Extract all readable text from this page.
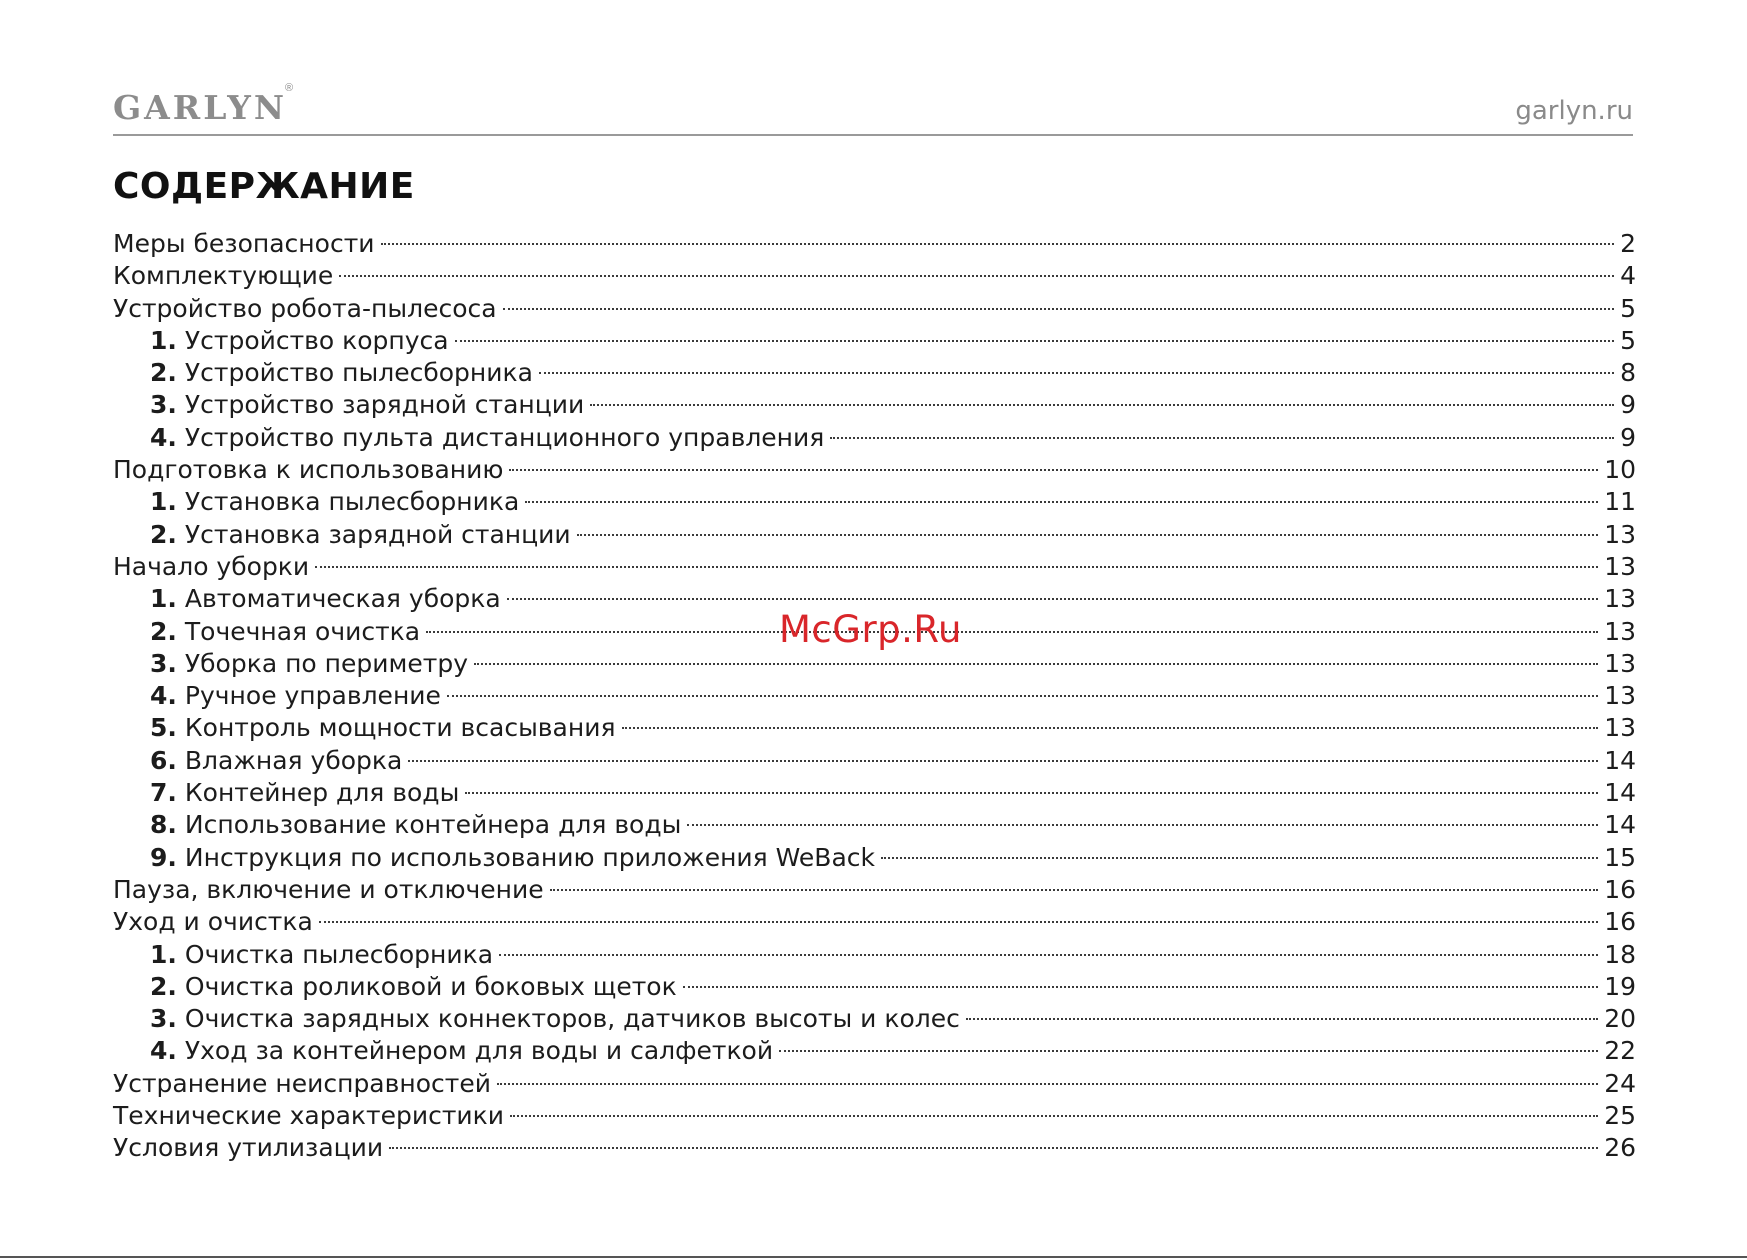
GARLYN
®
garlyn.ru
СОДЕРЖАНИЕ
Меры безопасности	2
Комплектующие	4
Устройство робота-пылесоса	5
1. Устройство корпуса	5
2. Устройство пылесборника	8
3. Устройство зарядной станции	9
4. Устройство пульта дистанционного управления	9
Подготовка к использованию	10
1. Установка пылесборника	11
2. Установка зарядной станции	13
Начало уборки	13
1. Автоматическая уборка	13
2. Точечная очистка	13
3. Уборка по периметру	13
4. Ручное управление	13
5. Контроль мощности всасывания	13
6. Влажная уборка	14
7. Контейнер для воды	14
8. Использование контейнера для воды	14
9. Инструкция по использованию приложения WeBack	15
Пауза, включение и отключение	16
Уход и очистка	16
1. Очистка пылесборника	18
2. Очистка роликовой и боковых щеток	19
3. Очистка зарядных коннекторов, датчиков высоты и колес	20
4. Уход за контейнером для воды и салфеткой	22
Устранение неисправностей	24
Технические характеристики	25
Условия утилизации	26
McGrp.Ru
